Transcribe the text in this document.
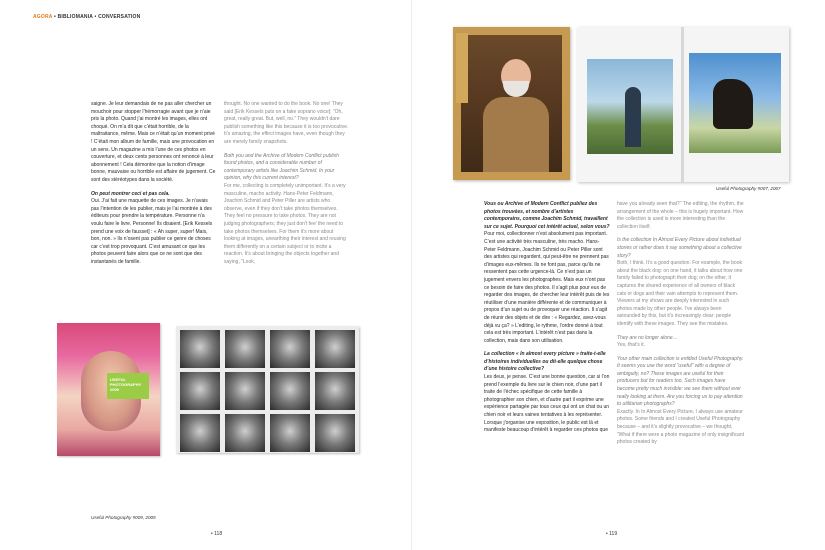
AGORA • BIBLIOMANIA • CONVERSATION

saigne. Je leur demandais de ne pas aller chercher un mouchoir pour stopper l’hémorragie avant que je n’aie pris la photo. Quand j’ai montré les images, elles ont choqué. On m’a dit que c’était horrible, de la maltraitance, même. Mais ce n’était qu’un moment privé ! C’était mon album de famille, mais une provocation en un sens. Un magazine a mis l’une de ces photos en couverture, et deux cents personnes ont renoncé à leur abonnement ! Cela démontre que la notion d’image bonne, mauvaise ou horrible est affaire de jugement. Ce sont des stéréotypes dans la société.

On peut montrer ceci et pas cela.

Oui. J’ai fait une maquette de ces images. Je n’avais pas l’intention de les publier, mais je l’ai montrée à des éditeurs pour prendre la température. Personne n’a voulu faire le livre. Personne! Ils disaient. [Erik Kessels prend une voix de fausset] : « Ah super, super! Mais, bon, non. » Ils n’osent pas publier ce genre de choses car c’est trop provoquant. C’est amusant ce que les photos peuvent faire alors que ce ne sont que des instantanés de famille.

thought. No one wanted to do the book. No one! They said [Erik Kessels puts on a fake soprano voice]: “Oh, great, really great. But, well, no.” They wouldn’t dare publish something like this because it is too provocative. It’s amazing, the effect images have, even though they are merely family snapshots.

Both you and the Archive of Modern Conflict publish found photos, and a considerable number of contemporary artists like Joachim Schmid. In your opinion, why this current interest?

For me, collecting is completely unimportant. It’s a very masculine, macho activity. Hans-Peter Feldmann, Joachim Schmid and Peter Piller are artists who observe, even if they don’t take photos themselves. They feel no pressure to take photos. They are not judging photographers; they just don’t fee’ the need to take photos themselves. For them it’s more about looking at images, unearthing their interest and reusing them differently on a certain subject or to incite a reaction. It’s about bringing the objects together and saying, “Look,

USEFUL PHOTOGRAPHY #009
Useful Photography #009, 2009
• 118
Useful Photography #007, 2007

Vous ou Archive of Modern Conflict publiez des photos trouvées, et nombre d’artistes contemporains, comme Joachim Schmid, travaillent sur ce sujet. Pourquoi cet intérêt actuel, selon vous?

Pour moi, collectionner n’est absolument pas important. C’est une activité très masculine, très macho. Hans-Peter Feldmann, Joachim Schmid ou Peter Piller sont des artistes qui regardent, qui peut-être ne prennent pas d’images eux-mêmes. Ils ne font pas, parce qu’ils ne ressentent pas cette urgence-là. Ce n’est pas un jugement envers les photographes. Mais eux n’ont pas ce besoin de faire des photos. Il s’agit plus pour eux de regarder des images, de chercher leur intérêt puis de les réutiliser d’une manière différente et de communiquer à propos d’un sujet ou de provoquer une réaction. Il s’agit de réunir des objets et de dire : « Regardez, avez-vous déjà vu ça? » L’editing, le rythme, l’ordre donné à tout cela est très important. L’intérêt n’est pas dans la collection, mais dans son utilisation.

La collection « In almost every picture » traite-t-elle d’histoires individuelles ou dit-elle quelque chose d’une histoire collective?

Les deux, je pense. C’est une bonne question, car si l’on prend l’exemple du livre sur le chien noir, d’une part il traite de l’échec spécifique de cette famille à photographier son chien, et d’autre part il exprime une expérience partagée par tous ceux qui ont un chat ou un chien noir et leurs vaines tentatives à les représenter. Lorsque j’organise une exposition, le public est là et manifeste beaucoup d’intérêt à regarder ces photos que

have you already seen that?” The editing, the rhythm, the arrangement of the whole – this is hugely important. How the collection is used is more interesting than the collection itself.

Is the collection In Almost Every Picture about individual stories or rather does it say something about a collective story?

Both, I think. It’s a good question. For example, the book about the black dog: on one hand, it talks about how one family failed to photograph their dog; on the other, it captures the shared experience of all owners of black cats or dogs and their vain attempts to represent them. Viewers at my shows are deeply interested in such photos made by other people. I’ve always been astounded by this, but it’s increasingly clear: people identify with these images. They see the mistakes.

They are no longer alone…

Yes, that’s it.

Your other main collection is entitled Useful Photography. It seems you use the word “useful” with a degree of ambiguity, no? These images are useful for their producers but for readers too. Such images have become pretty much invisible: we see them without ever really looking at them. Are you forcing us to pay attention to utilitarian photographs?

Exactly. In In Almost Every Picture, I always use amateur photos. Some friends and I created Useful Photography because – and it’s slightly provocative – we thought, “What if there were a photo magazine of only insignificant photos created by

• 119
